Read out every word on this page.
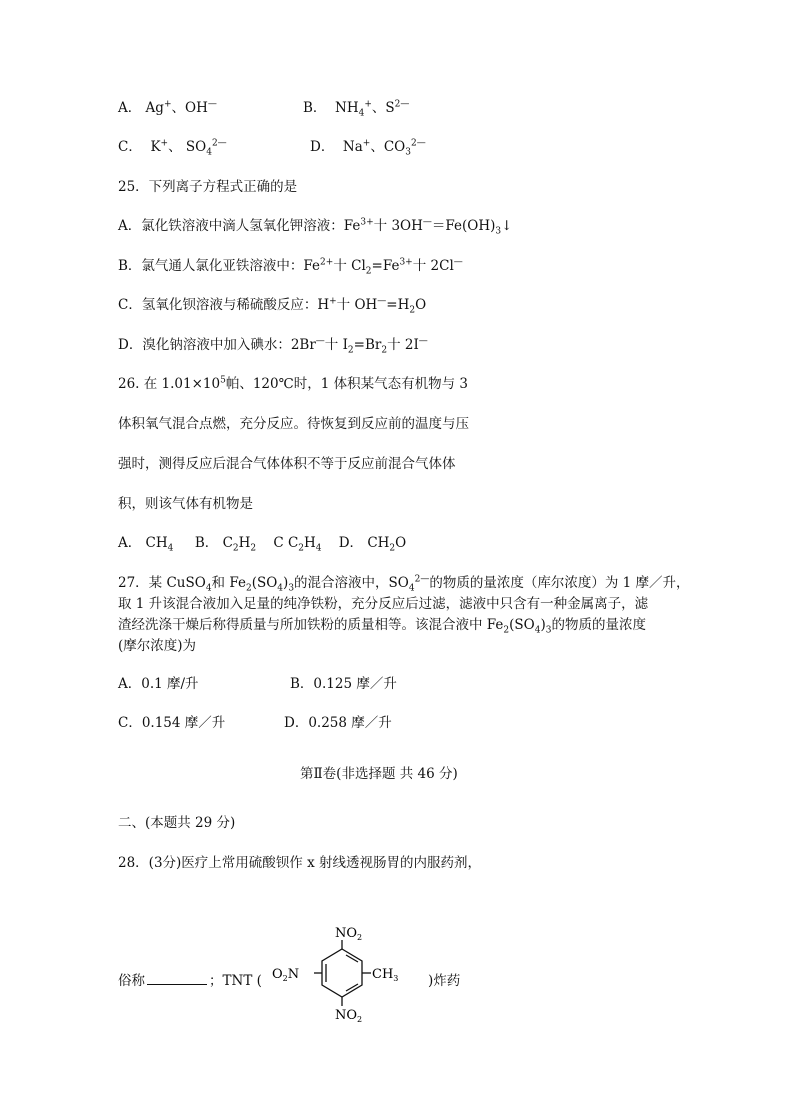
A． Ag+、OH—	B． $NH_4^+$、$S^{2—}$
C． K+、 $SO_4^{2—}$	D． Na+、$CO_3^{2—}$
25．下列离子方程式正确的是
A．氯化铁溶液中滴人氢氧化钾溶液：$Fe^{3+}$十 $3OH^—=Fe(OH)_3↓$
B．氯气通人氯化亚铁溶液中：$Fe^{2+}$十 $Cl_2=Fe^{3+}$十 2Cl—
C．氢氧化钡溶液与稀硫酸反应：H+十 $OH^—=H_2O$
D．溴化钠溶液中加入碘水：2Br—十 $I_2=Br_2$十 2I—
26. 在 $1.01\times 10^5$帕、120℃时，1 体积某气态有机物与 3
体积氧气混合点燃，充分反应。待恢复到反应前的温度与压
强时，测得反应后混合气体体积不等于反应前混合气体体
积，则该气体有机物是
A． $CH_4$ B． $C_2H_2$ C $C_2H_4$ D． $CH_2O$
27．某 CuSO$_4$和 $Fe_2(SO_4)_3$的混合溶液中，$SO_4^{2—}$的物质的量浓度（库尔浓度）为 1 摩／升，
取 1 升该混合液加入足量的纯净铁粉，充分反应后过滤，滤液中只含有一种金属离子，滤
渣经洗涤干燥后称得质量与所加铁粉的质量相等。该混合液中 $Fe_2(SO_4)_3$的物质的量浓度
(摩尔浓度)为
A．0.1 摩/升	B．0.125 摩／升
C．0.154 摩／升	D．0.258 摩／升
第Ⅱ卷(非选择题 共 46 分)
二、(本题共 29 分)
28．(3分)医疗上常用硫酸钡作 x 射线透视肠胃的内服药剂，
俗称	；TNT (	)炸药
$NO_2$
$NO_2$
$O_2N$	$CH_3$
